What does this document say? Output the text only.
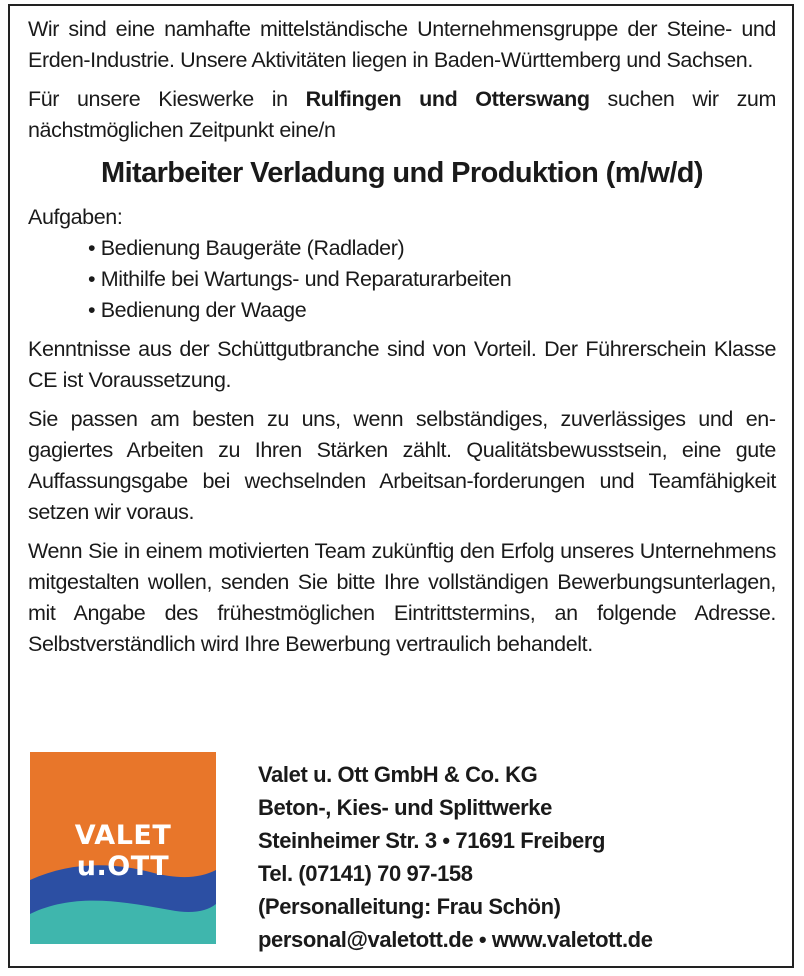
Wir sind eine namhafte mittelständische Unternehmensgruppe der Steine- und Erden-Industrie. Unsere Aktivitäten liegen in Baden-Württemberg und Sachsen.

Für unsere Kieswerke in Rulfingen und Otterswang suchen wir zum nächstmöglichen Zeitpunkt eine/n

Mitarbeiter Verladung und Produktion (m/w/d)
Aufgaben:
• Bedienung Baugeräte (Radlader)
• Mithilfe bei Wartungs- und Reparaturarbeiten
• Bedienung der Waage

Kenntnisse aus der Schüttgutbranche sind von Vorteil. Der Führerschein Klasse CE ist Voraussetzung.

Sie passen am besten zu uns, wenn selbständiges, zuverlässiges und engagiertes Arbeiten zu Ihren Stärken zählt. Qualitätsbewusstsein, eine gute Auffassungsgabe bei wechselnden Arbeitsan-forderungen und Teamfähigkeit setzen wir voraus.

Wenn Sie in einem motivierten Team zukünftig den Erfolg unseres Unternehmens mitgestalten wollen, senden Sie bitte Ihre vollständigen Bewerbungsunterlagen, mit Angabe des frühestmöglichen Eintrittstermins, an folgende Adresse. Selbstverständlich wird Ihre Bewerbung vertraulich behandelt.

VALET u.OTT
Valet u. Ott GmbH & Co. KG
Beton-, Kies- und Splittwerke
Steinheimer Str. 3 • 71691 Freiberg
Tel. (07141) 70 97-158
(Personalleitung: Frau Schön)
personal@valetott.de • www.valetott.de
